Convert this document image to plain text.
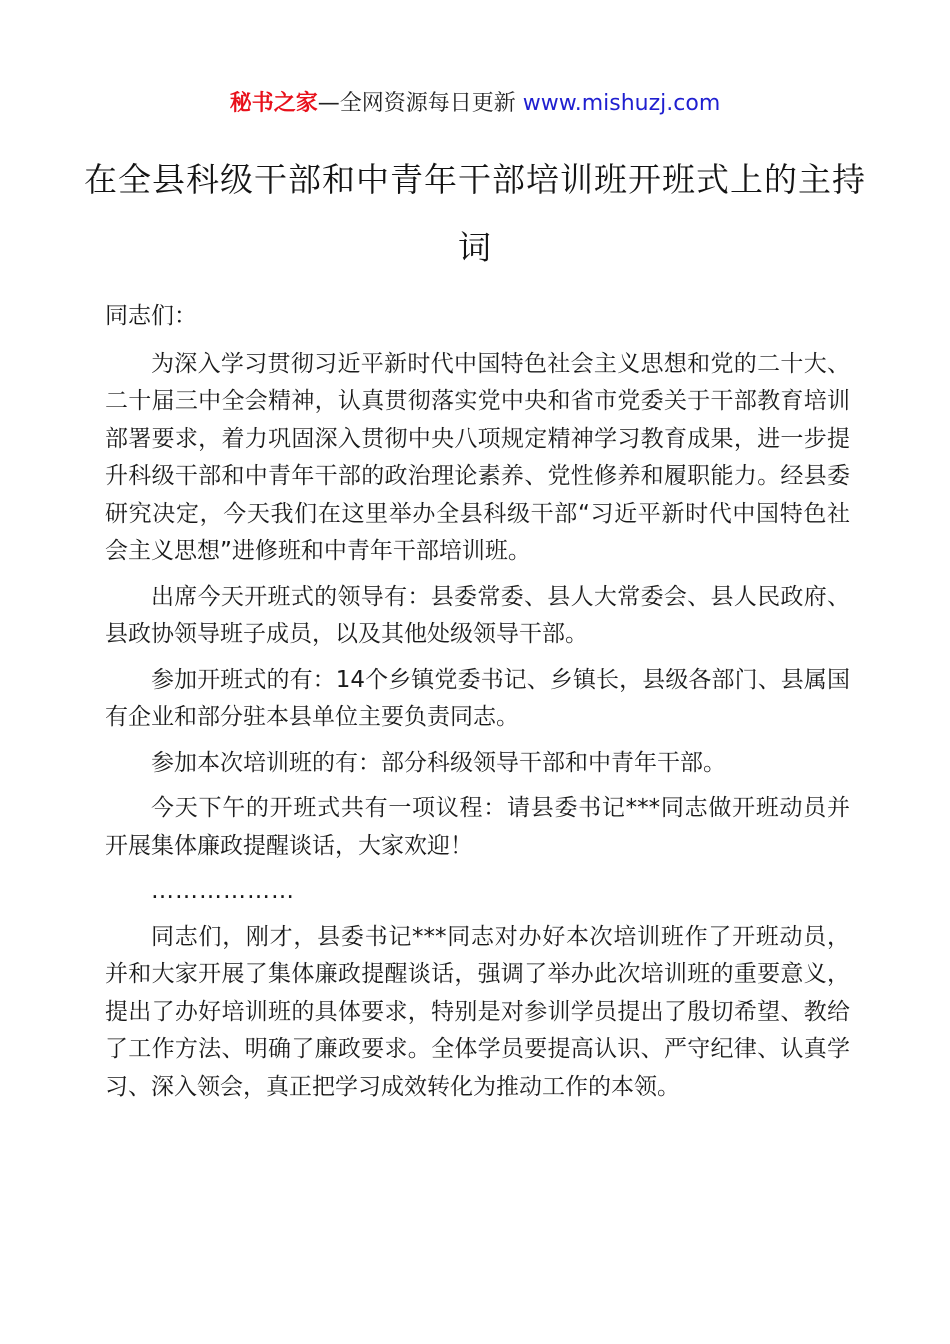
秘书之家—全网资源每日更新 www.mishuzj.com
在全县科级干部和中青年干部培训班开班式上的主持词

同志们：

为深入学习贯彻习近平新时代中国特色社会主义思想和党的二十大、二十届三中全会精神，认真贯彻落实党中央和省市党委关于干部教育培训部署要求，着力巩固深入贯彻中央八项规定精神学习教育成果，进一步提升科级干部和中青年干部的政治理论素养、党性修养和履职能力。经县委研究决定，今天我们在这里举办全县科级干部“习近平新时代中国特色社会主义思想”进修班和中青年干部培训班。

出席今天开班式的领导有：县委常委、县人大常委会、县人民政府、县政协领导班子成员，以及其他处级领导干部。

参加开班式的有：14个乡镇党委书记、乡镇长，县级各部门、县属国有企业和部分驻本县单位主要负责同志。

参加本次培训班的有：部分科级领导干部和中青年干部。

今天下午的开班式共有一项议程：请县委书记***同志做开班动员并开展集体廉政提醒谈话，大家欢迎！

………………

同志们，刚才，县委书记***同志对办好本次培训班作了开班动员，并和大家开展了集体廉政提醒谈话，强调了举办此次培训班的重要意义，提出了办好培训班的具体要求，特别是对参训学员提出了殷切希望、教给了工作方法、明确了廉政要求。全体学员要提高认识、严守纪律、认真学习、深入领会，真正把学习成效转化为推动工作的本领。
